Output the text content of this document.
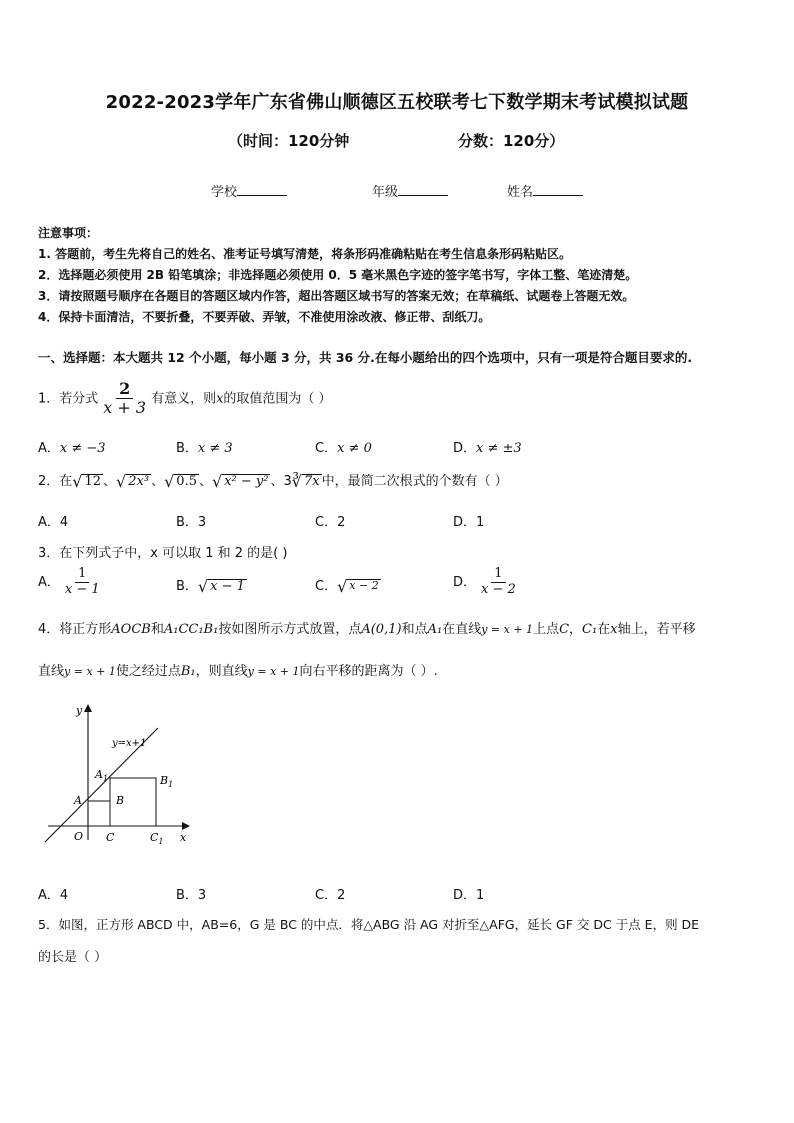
2022-2023学年广东省佛山顺德区五校联考七下数学期末考试模拟试题
（时间：120分钟	分数：120分）
学校	年级	姓名
注意事项：
1. 答题前，考生先将自己的姓名、准考证号填写清楚，将条形码准确粘贴在考生信息条形码粘贴区。
2．选择题必须使用 2B 铅笔填涂；非选择题必须使用 0．5 毫米黑色字迹的签字笔书写，字体工整、笔迹清楚。
3．请按照题号顺序在各题目的答题区域内作答，超出答题区域书写的答案无效；在草稿纸、试题卷上答题无效。
4．保持卡面清洁，不要折叠，不要弄破、弄皱，不准使用涂改液、修正带、刮纸刀。
一、选择题：本大题共 12 个小题，每小题 3 分，共 36 分.在每小题给出的四个选项中，只有一项是符合题目要求的.
1．若分式 $\frac{2}{x + 3}$ 有意义，则x的取值范围为（ ）
A．x ≠ −3	B．x ≠ 3	C．x ≠ 0	D．x ≠ ±3
2．在 √ 12 、 √ 2x³ 、 √ 0.5 、 √ x² − y² 、3 ∛ 7x 中，最简二次根式的个数有（ ）
A．4	B．3	C．2	D．1
3．在下列式子中，x 可以取 1 和 2 的是( )
A． $\frac{1}{x - 1}$	B． √ x − 1	C． √ x − 2	D． $\frac{1}{x - 2}$
4．将正方形AOCB和A₁CC₁B₁按如图所示方式放置，点A(0,1)和点A₁在直线y = x + 1上点C，C₁在x轴上，若平移
直线y = x + 1使之经过点B₁，则直线y = x + 1向右平移的距离为（ ）.
y
x
O
y=x+1
A
$A_1$
B
$B_1$
C	$C_1$
A．4	B．3	C．2	D．1
5．如图，正方形 ABCD 中，AB=6，G 是 BC 的中点．将△ABG 沿 AG 对折至△AFG，延长 GF 交 DC 于点 E，则 DE
的长是（ ）
